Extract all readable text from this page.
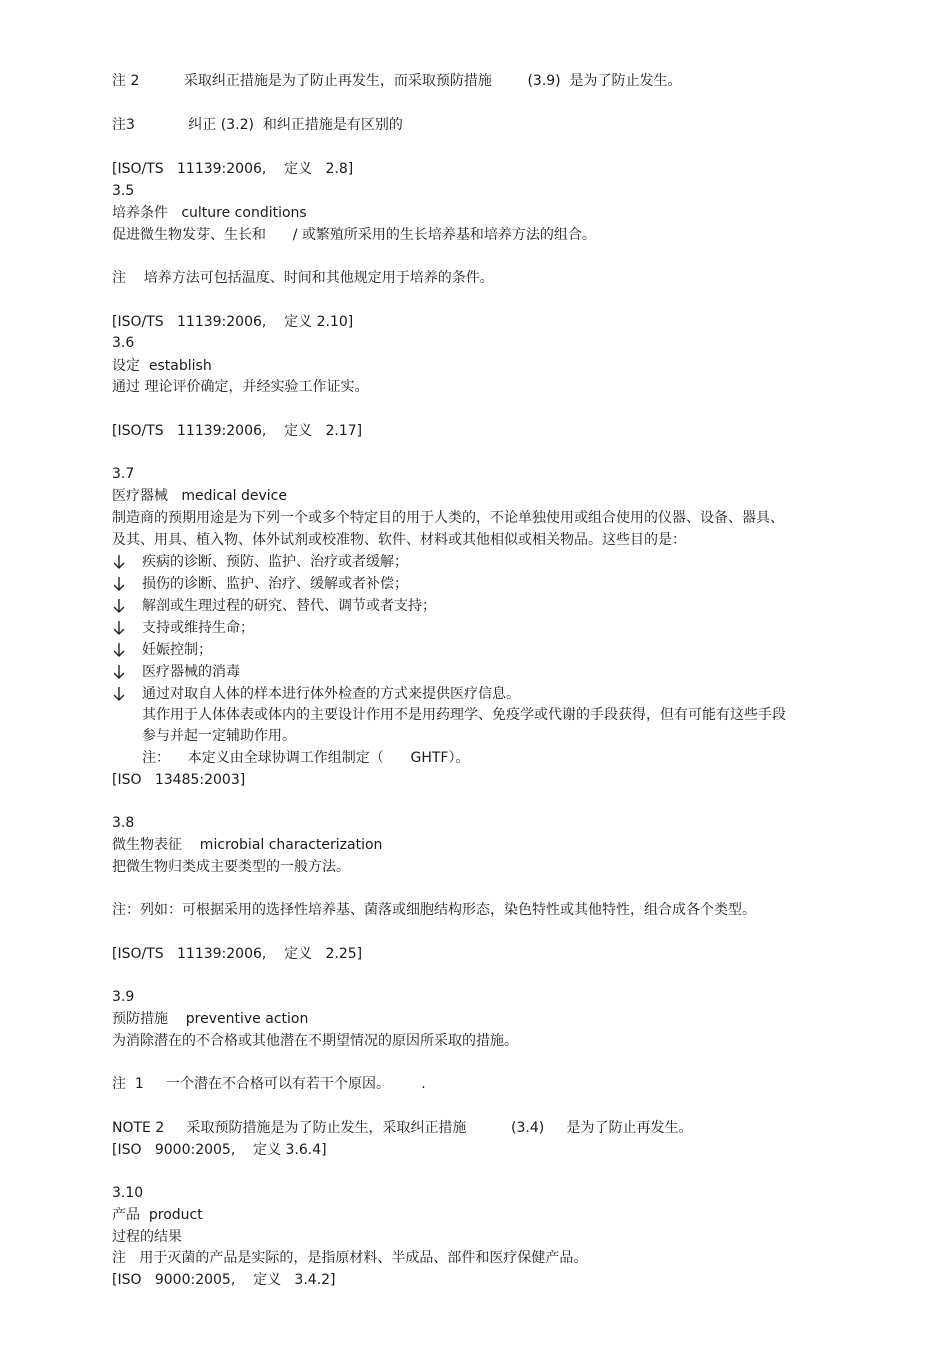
注 2          采取纠正措施是为了防止再发生，而采取预防措施        (3.9)  是为了防止发生。
注3            纠正 (3.2)  和纠正措施是有区别的
[ISO/TS   11139:2006,    定义   2.8]
3.5
培养条件   culture conditions
促进微生物发芽、生长和      / 或繁殖所采用的生长培养基和培养方法的组合。
注    培养方法可包括温度、时间和其他规定用于培养的条件。
[ISO/TS   11139:2006,    定义 2.10]
3.6
设定  establish
通过 理论评价确定，并经实验工作证实。
[ISO/TS   11139:2006,    定义   2.17]
3.7
医疗器械   medical device
制造商的预期用途是为下列一个或多个特定目的用于人类的，不论单独使用或组合使用的仪器、设备、器具、
及其、用具、植入物、体外试剂或校准物、软件、材料或其他相似或相关物品。这些目的是：
疾病的诊断、预防、监护、治疗或者缓解；
损伤的诊断、监护、治疗、缓解或者补偿；
解剖或生理过程的研究、替代、调节或者支持；
支持或维持生命；
妊娠控制；
医疗器械的消毒
通过对取自人体的样本进行体外检查的方式来提供医疗信息。
其作用于人体体表或体内的主要设计作用不是用药理学、免疫学或代谢的手段获得，但有可能有这些手段
参与并起一定辅助作用。
注：    本定义由全球协调工作组制定（      GHTF）。
[ISO   13485:2003]
3.8
微生物表征    microbial characterization
把微生物归类成主要类型的一般方法。
注：列如：可根据采用的选择性培养基、菌落或细胞结构形态，染色特性或其他特性，组合成各个类型。
[ISO/TS   11139:2006,    定义   2.25]
3.9
预防措施    preventive action
为消除潜在的不合格或其他潜在不期望情况的原因所采取的措施。
注  1     一个潜在不合格可以有若干个原因。       .
NOTE 2     采取预防措施是为了防止发生，采取纠正措施          (3.4)     是为了防止再发生。
[ISO   9000:2005,    定义 3.6.4]
3.10
产品  product
过程的结果
注   用于灭菌的产品是实际的，是指原材料、半成品、部件和医疗保健产品。
[ISO   9000:2005,    定义   3.4.2]
